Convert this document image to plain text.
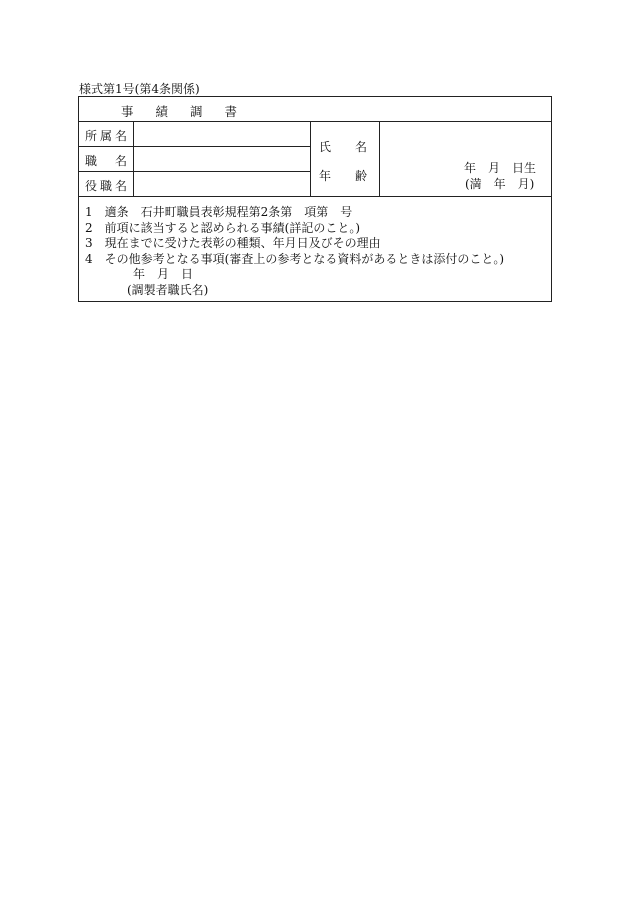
様式第1号(第4条関係)
事績調書
所属名
職　名
役職名
氏　　名
年　　齢
年　月　日生
(満　年　月)
1　適条　石井町職員表彰規程第2条第　項第　号
2　前項に該当すると認められる事績(詳記のこと。)
3　現在までに受けた表彰の種類、年月日及びその理由
4　その他参考となる事項(審査上の参考となる資料があるときは添付のこと。)
年　月　日
(調製者職氏名)
